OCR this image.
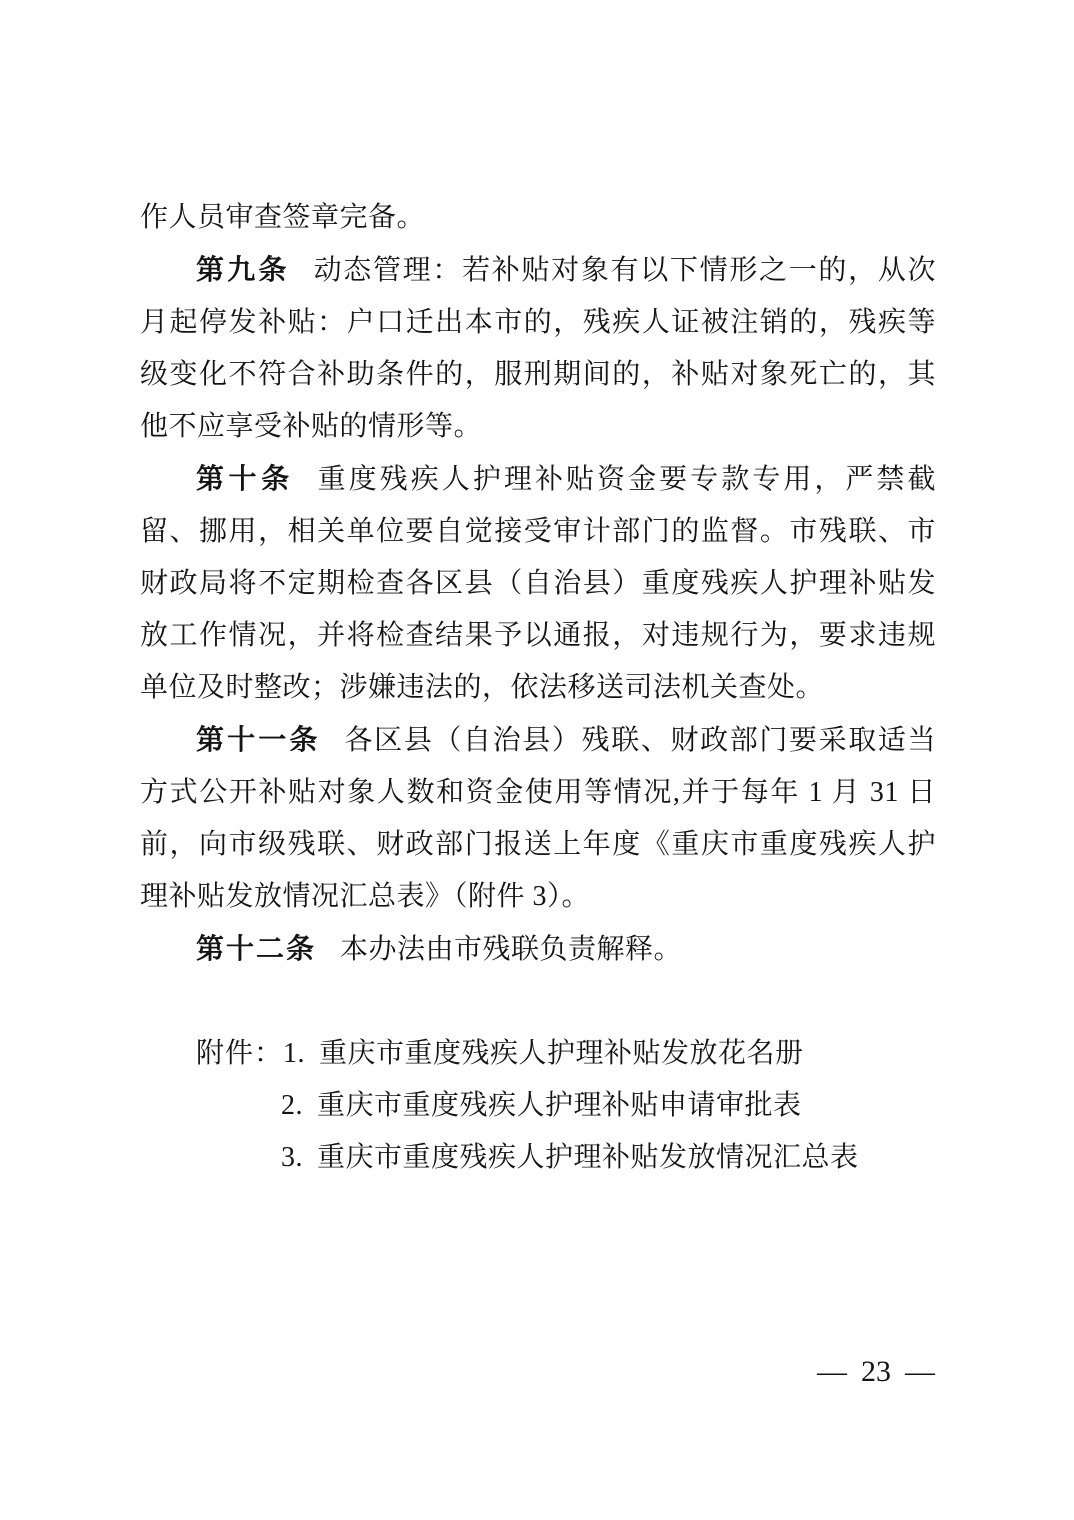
作人员审查签章完备。

第九条 动态管理：若补贴对象有以下情形之一的，从次月起停发补贴：户口迁出本市的，残疾人证被注销的，残疾等级变化不符合补助条件的，服刑期间的，补贴对象死亡的，其他不应享受补贴的情形等。

第十条 重度残疾人护理补贴资金要专款专用，严禁截留、挪用，相关单位要自觉接受审计部门的监督。市残联、市财政局将不定期检查各区县（自治县）重度残疾人护理补贴发放工作情况，并将检查结果予以通报，对违规行为，要求违规单位及时整改；涉嫌违法的，依法移送司法机关查处。

第十一条 各区县（自治县）残联、财政部门要采取适当方式公开补贴对象人数和资金使用等情况,并于每年 1 月 31 日前，向市级残联、财政部门报送上年度《重庆市重度残疾人护理补贴发放情况汇总表》（附件 3）。

第十二条 本办法由市残联负责解释。

附件：1. 重庆市重度残疾人护理补贴发放花名册
2. 重庆市重度残疾人护理补贴申请审批表
3. 重庆市重度残疾人护理补贴发放情况汇总表
— 23 —
